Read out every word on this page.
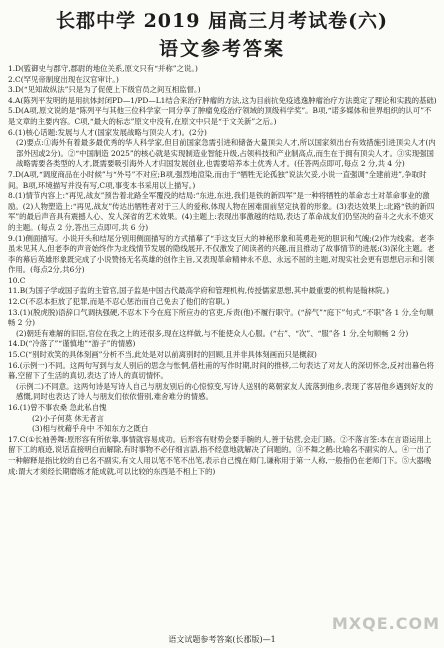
长郡中学 2019 届高三月考试卷(六)
语文参考答案

1.D(監御史与郡守,郡尉的地位关系,原文只有“并称”之说。)

2.C(罕见帝制度出现在汉官审计。)

3.D(“见知故纵法”只是为了促使上下级官员之间互相监督。)

4.A(陈列平发明的是用抗体封闭PD—1/PD—L1结合来治疗肿瘤的方法,这为目前抗免疫逃逸肿瘤治疗方法奠定了理论和实践的基础)

5.D(A项,原文说的是“陈列平与其他三位科学家一同分享了肿瘤免疫治疗领域的顶级科学奖”。B项,“诺多媒体和世界组织的认可”不是文章的主要内容。C项,“最大的标志”原文中没有,在原文中只是“于文关新”之后。)

6.(1)核心话题:发展与人才(国家发展战略与顶尖人才)。(2分)

(2)要点:①海外有着最多最优秀的华人科学家,但目前国家急需引进和储备大量顶尖人才,所以国家须出台有效措施引进顶尖人才(内部外因或2分)。②“中国制造 2025”的核心就是实现制造业智能升级,占领科技和产业制高点,而生在于拥有顶尖人才。③实现强国战略需要各类型的人才,既需要吸引海外人才归国发展创业,也需要培养本土优秀人才。(任答两点即可,每点 2 分,共 4 分)

7.D(A项,“调度商品在小时候”与“外号”不对应;B项,强烈地渲染,而由于“牺牲无论孤独”说法欠妥,小说一直强调“全建前进”,争取时间。B项,环境描写并没有写,C项,事变本书采用以上描写。)

8.(1)情节内容上:“再见,战友”预告着北路全军覆没的结局:“东进,东进,我们是铁的新四军”是一种将牺牲的革命志士对革命事业的激励。(2)人物塑造上:“再见,战友”传达出牺牲者对于三人的爱称,体现人物在困难面前坚定执着的形象。(3)表达效果上:北路“铁的新四军”的最后声音具有震撼人心、发人深省的艺术效果。(4)主题上:表现出事激越的结局,表达了革命战友们仍坚决的奋斗之火永不熄灭的主题。(每点 2 分,答出三点即可,共 6 分)

9.(1)侧面描写。小说开头和结尾分别用侧面描写的方式描摹了“手这支巨大的神秘形象和英勇赴死的胆识和气魄;(2)作为线索。老李虽未见其人,但老李的声音始终作为北线情节发展的隐线展开,不仅激发了阅读者的兴趣,而且推动了故事情节的进展;(3)深化主题。老李的幕后英雄形象既完成了小说赞扬无名英雄的创作主旨,又表现革命精神永不息、永远不屈的主题,对现实社会更有思想启示和引领作用。(每点2分,共6分)

10.C

11.B(为国子学或国子监的主管官,国子监是中国古代最高学府和管理机构,传授儒家思想,其中最重要的机构是翰林院。)

12.C(不忍本拒放了犯罪,而是不忍心惩治而自己免去了他们的官职。)

13.(1)(脱虎脱)语辞口气调执强硬,不忍木下今在庭下所应办的官吏,斥责(他)不履行职守。(“辞气”“庭下”句式,“不职”各 1 分,全句顺畅 2 分)

(2)朝廷有难解的旧臣,官位在我之上的还很多,现在这样做,与不能使众人心服。(“右”、“次”、“服”各 1 分,全句顺畅 2 分)

14.D(“冷落了”“谨慎地”“游子”的情感)

15.C(“别时欢笑的具体刻画”分析不当,此处是对以前离别时的回顾,且并非具体刻画而只是概叙)

16.(示例一)不同。这两句写到与友人别后的思念与怅惘,借杜甫的写作时期,时间的推移,二句表达了对友人的深切怀念,反衬出暮色将暮,空留下了生活的真切,表达了诗人的真切情怀。

(示例二)不同意。这两句诗是写诗人自己与朋友别后的心惊惊变,写诗人送别的葛朝家友人流落到他乡,表现了客居他乡遇到好友的感慨,同时也表达了诗人与朋友们依依惜别,难舍难分的情感。

16.(1)曾不事农桑 急此私自愧

(2)小子何莫 休无者言

(3)相与枕藉乎舟中 不知东方之既白

17.C(①长袖善舞:原形容有所依靠,事情就容易成功。后形容有财势会要手腕的人,善于钻营,会走门路。②不落言筌:本在言语运用上留下工的痕迹,说话直接明白而解除,有时事物不必仔细言語,指不经意地就解决了问题的。③不舞之鹤:比喻名不副实的人。④一出了一种解释是指比较的自已名不副实,有文人用以笔不笔不出笔,表示自己愧在师门,谦称用于第一人称,一般指仍在老师门下。⑤大器晚成:谓大才须经长期磨练才能成就,可以比较的东西是不相上下的)

MXQE.COM
语文试题参考答案(长郡版)—1
